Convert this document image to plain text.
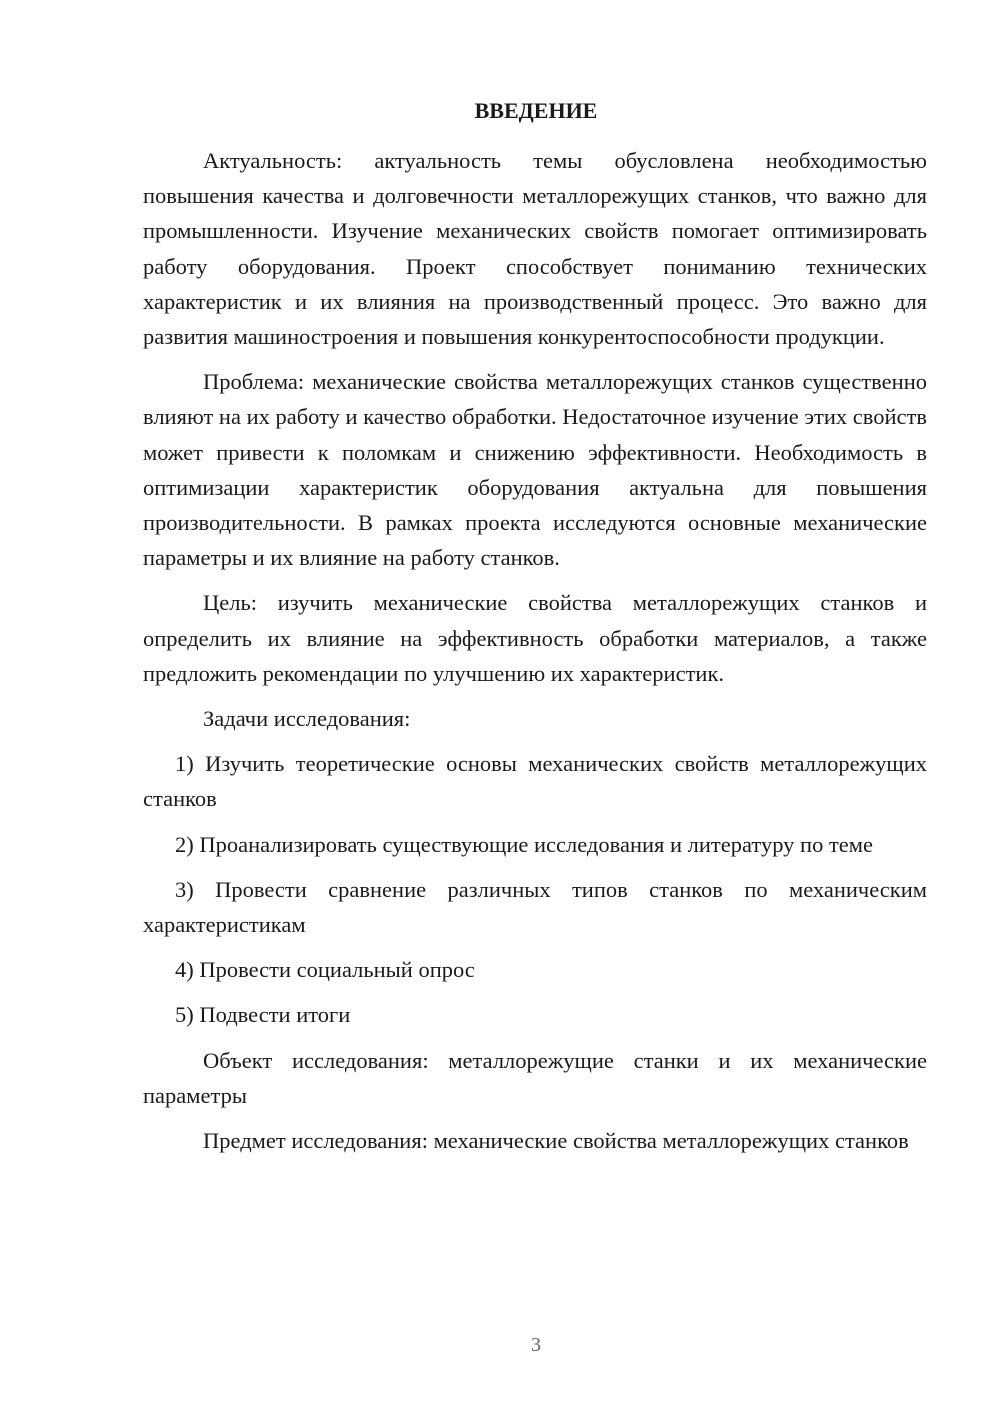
ВВЕДЕНИЕ

Актуальность: актуальность темы обусловлена необходимостью повышения качества и долговечности металлорежущих станков, что важно для промышленности. Изучение механических свойств помогает оптимизировать работу оборудования. Проект способствует пониманию технических характеристик и их влияния на производственный процесс. Это важно для развития машиностроения и повышения конкурентоспособности продукции.

Проблема: механические свойства металлорежущих станков существенно влияют на их работу и качество обработки. Недостаточное изучение этих свойств может привести к поломкам и снижению эффективности. Необходимость в оптимизации характеристик оборудования актуальна для повышения производительности. В рамках проекта исследуются основные механические параметры и их влияние на работу станков.

Цель: изучить механические свойства металлорежущих станков и определить их влияние на эффективность обработки материалов, а также предложить рекомендации по улучшению их характеристик.

Задачи исследования:

1) Изучить теоретические основы механических свойств металлорежущих станков

2) Проанализировать существующие исследования и литературу по теме

3) Провести сравнение различных типов станков по механическим характеристикам

4) Провести социальный опрос

5) Подвести итоги

Объект исследования: металлорежущие станки и их механические параметры

Предмет исследования: механические свойства металлорежущих станков

3
